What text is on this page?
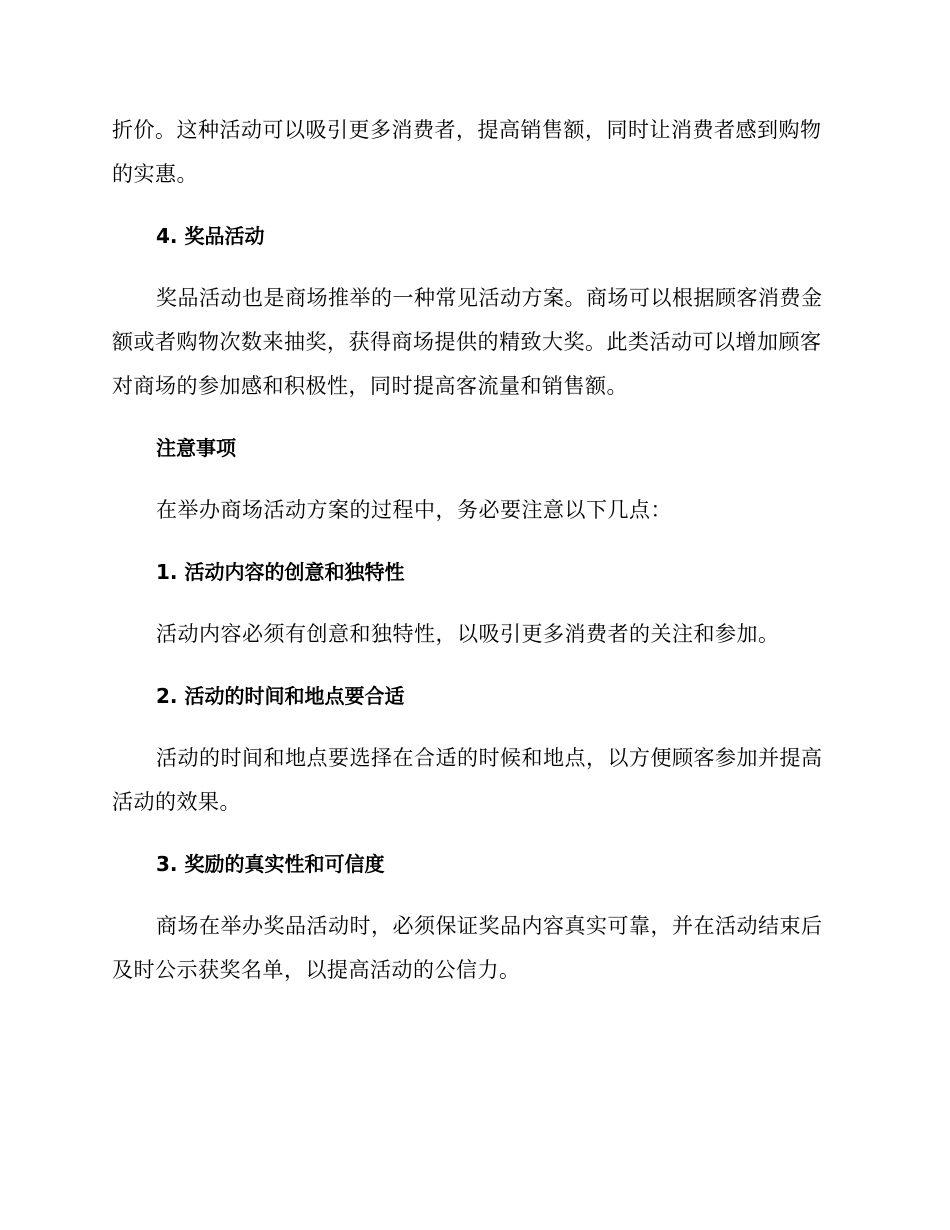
折价。这种活动可以吸引更多消费者，提高销售额，同时让消费者感到购物的实惠。

4. 奖品活动

奖品活动也是商场推举的一种常见活动方案。商场可以根据顾客消费金额或者购物次数来抽奖，获得商场提供的精致大奖。此类活动可以增加顾客对商场的参加感和积极性，同时提高客流量和销售额。

注意事项

在举办商场活动方案的过程中，务必要注意以下几点：

1. 活动内容的创意和独特性

活动内容必须有创意和独特性，以吸引更多消费者的关注和参加。

2. 活动的时间和地点要合适

活动的时间和地点要选择在合适的时候和地点，以方便顾客参加并提高活动的效果。

3. 奖励的真实性和可信度

商场在举办奖品活动时，必须保证奖品内容真实可靠，并在活动结束后及时公示获奖名单，以提高活动的公信力。
